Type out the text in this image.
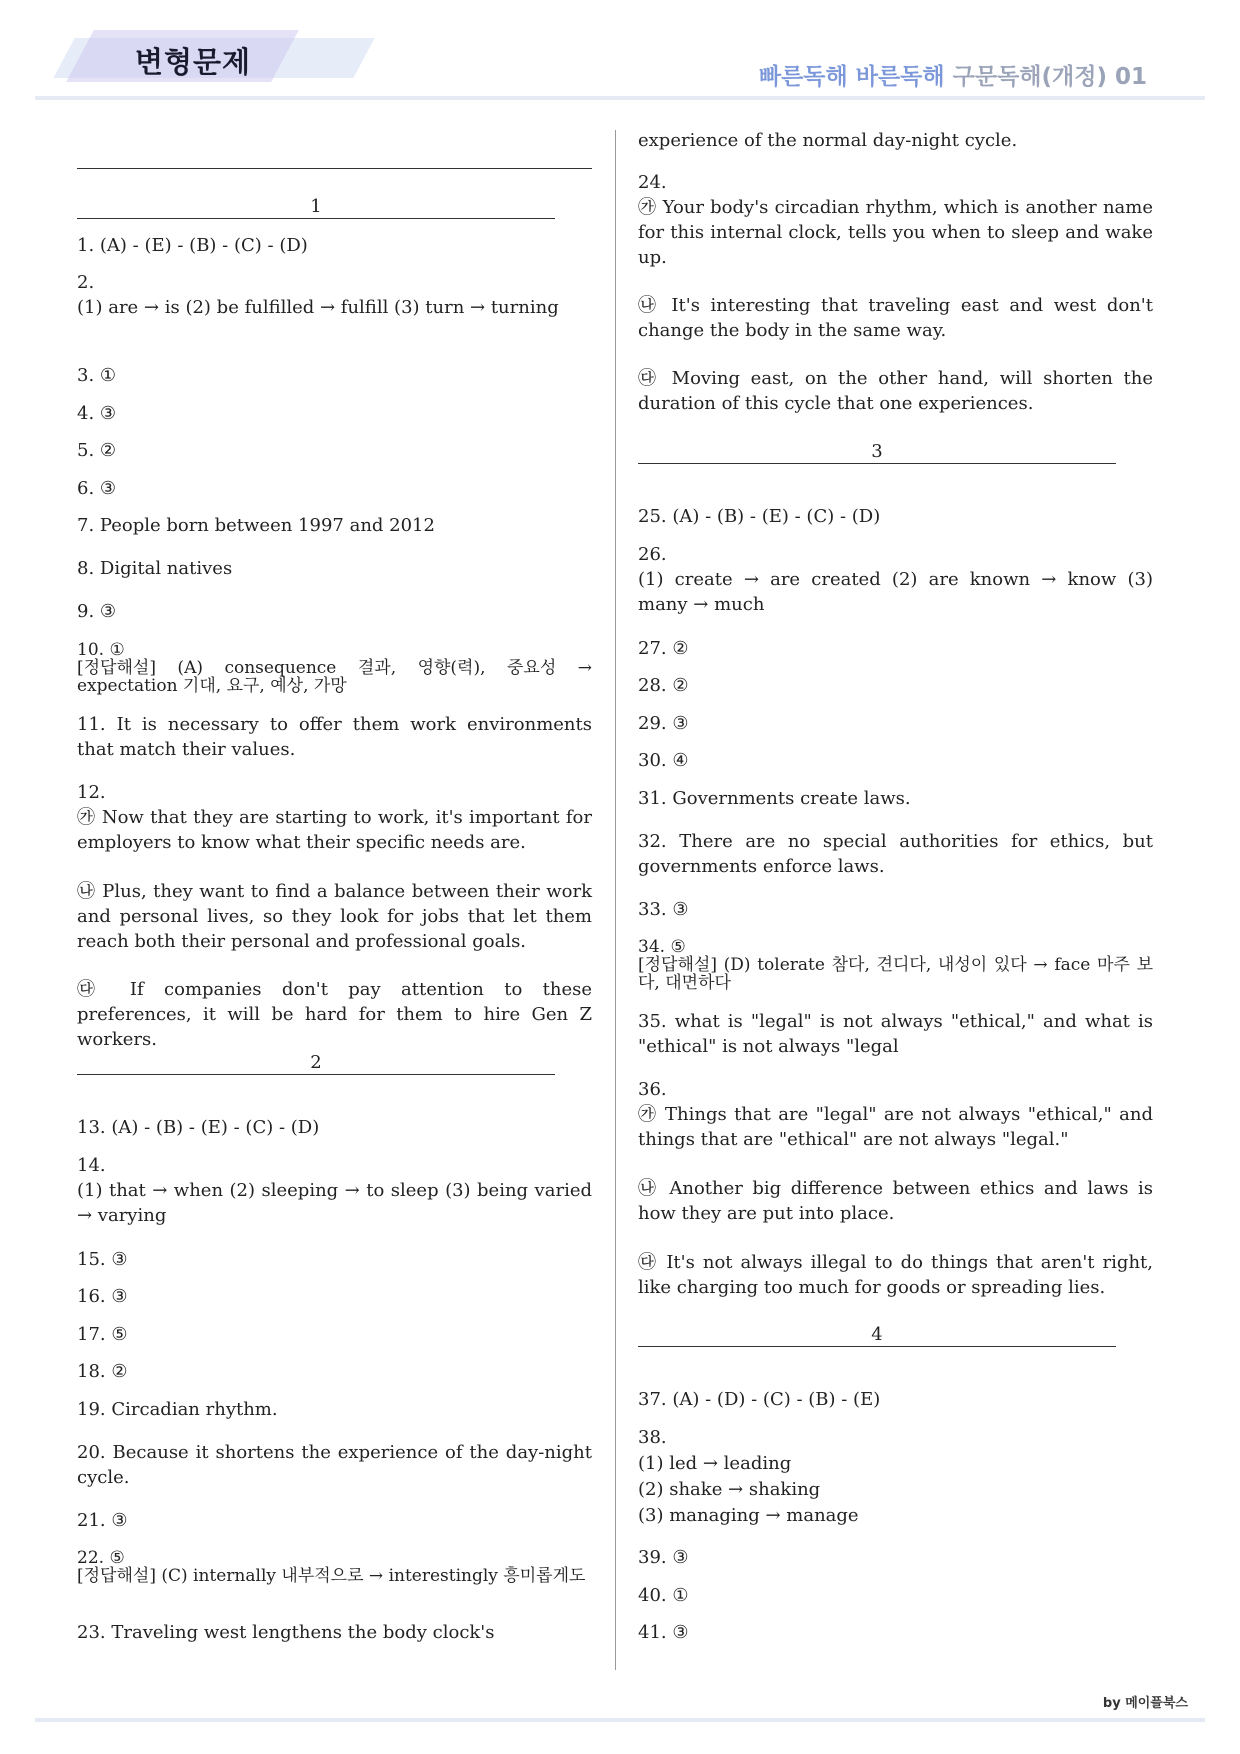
변형문제	빠른독해 바른독해 구문독해(개정) 01
1
1. (A) - (E) - (B) - (C) - (D)
2.
(1) are → is (2) be fulfilled → fulfill (3) turn → turning
3. ①
4. ③
5. ②
6. ③
7. People born between 1997 and 2012
8. Digital natives
9. ③
10. ①
[정답해설] (A) consequence 결과, 영향(력), 중요성 → expectation 기대, 요구, 예상, 가망
11. It is necessary to offer them work environments that match their values.
12.
㉮ Now that they are starting to work, it's important for employers to know what their specific needs are.
㉯ Plus, they want to find a balance between their work and personal lives, so they look for jobs that let them reach both their personal and professional goals.
㉰ If companies don't pay attention to these preferences, it will be hard for them to hire Gen Z workers.
2
13. (A) - (B) - (E) - (C) - (D)
14.
(1) that → when (2) sleeping → to sleep (3) being varied → varying
15. ③
16. ③
17. ⑤
18. ②
19. Circadian rhythm.
20. Because it shortens the experience of the day-night cycle.
21. ③
22. ⑤
[정답해설] (C) internally 내부적으로 → interestingly 흥미롭게도
23. Traveling west lengthens the body clock's
experience of the normal day-night cycle.
24.
㉮ Your body's circadian rhythm, which is another name for this internal clock, tells you when to sleep and wake up.
㉯ It's interesting that traveling east and west don't change the body in the same way.
㉰ Moving east, on the other hand, will shorten the duration of this cycle that one experiences.
3
25. (A) - (B) - (E) - (C) - (D)
26.
(1) create → are created (2) are known → know (3) many → much
27. ②
28. ②
29. ③
30. ④
31. Governments create laws.
32. There are no special authorities for ethics, but governments enforce laws.
33. ③
34. ⑤
[정답해설] (D) tolerate 참다, 견디다, 내성이 있다 → face 마주 보다, 대면하다
35. what is "legal" is not always "ethical," and what is "ethical" is not always "legal
36.
㉮ Things that are "legal" are not always "ethical," and things that are "ethical" are not always "legal."
㉯ Another big difference between ethics and laws is how they are put into place.
㉰ It's not always illegal to do things that aren't right, like charging too much for goods or spreading lies.
4
37. (A) - (D) - (C) - (B) - (E)
38.
(1) led → leading
(2) shake → shaking
(3) managing → manage
39. ③
40. ①
41. ③
by 메이플북스
